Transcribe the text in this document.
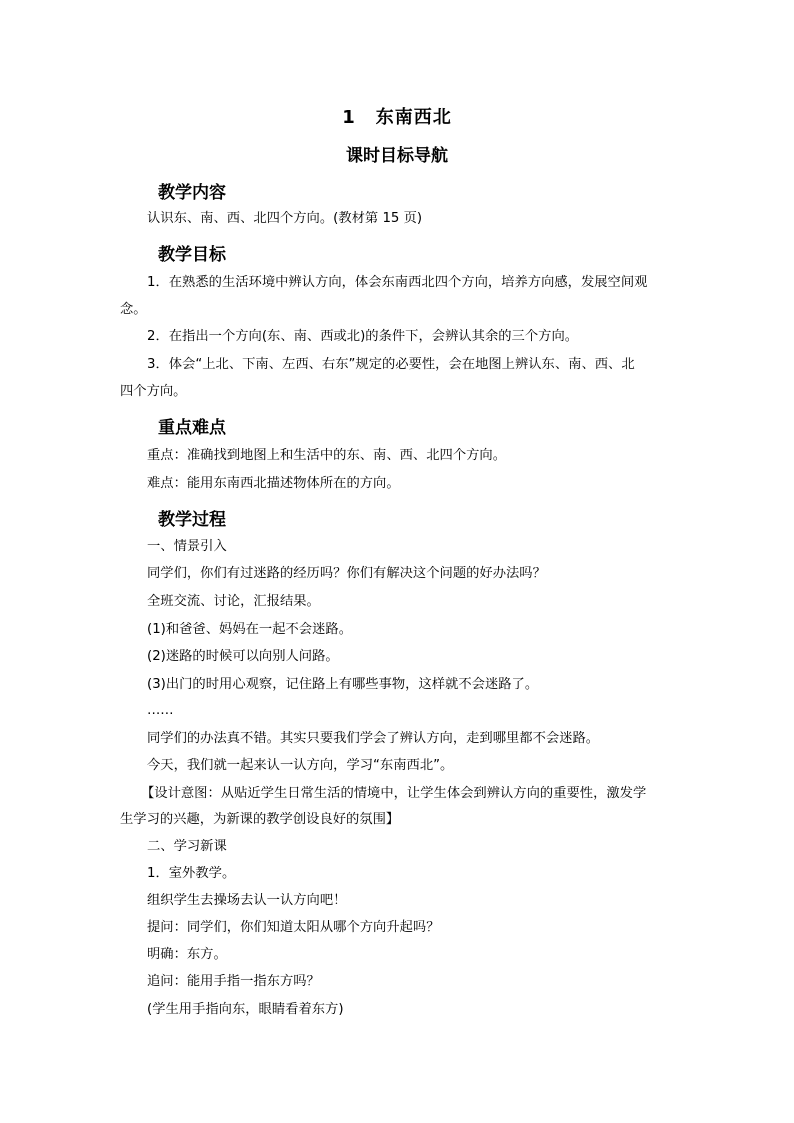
1 东南西北
课时目标导航
教学内容
认识东、南、西、北四个方向。(教材第 15 页)
教学目标
1．在熟悉的生活环境中辨认方向，体会东南西北四个方向，培养方向感，发展空间观
念。
2．在指出一个方向(东、南、西或北)的条件下，会辨认其余的三个方向。
3．体会“上北、下南、左西、右东”规定的必要性，会在地图上辨认东、南、西、北
四个方向。
重点难点
重点：准确找到地图上和生活中的东、南、西、北四个方向。
难点：能用东南西北描述物体所在的方向。
教学过程
一、情景引入
同学们，你们有过迷路的经历吗？你们有解决这个问题的好办法吗？
全班交流、讨论，汇报结果。
(1)和爸爸、妈妈在一起不会迷路。
(2)迷路的时候可以向别人问路。
(3)出门的时用心观察，记住路上有哪些事物，这样就不会迷路了。
……
同学们的办法真不错。其实只要我们学会了辨认方向，走到哪里都不会迷路。
今天，我们就一起来认一认方向，学习“东南西北”。
【设计意图：从贴近学生日常生活的情境中，让学生体会到辨认方向的重要性，激发学
生学习的兴趣，为新课的教学创设良好的氛围】
二、学习新课
1．室外教学。
组织学生去操场去认一认方向吧！
提问：同学们，你们知道太阳从哪个方向升起吗？
明确：东方。
追问：能用手指一指东方吗？
(学生用手指向东，眼睛看着东方)
